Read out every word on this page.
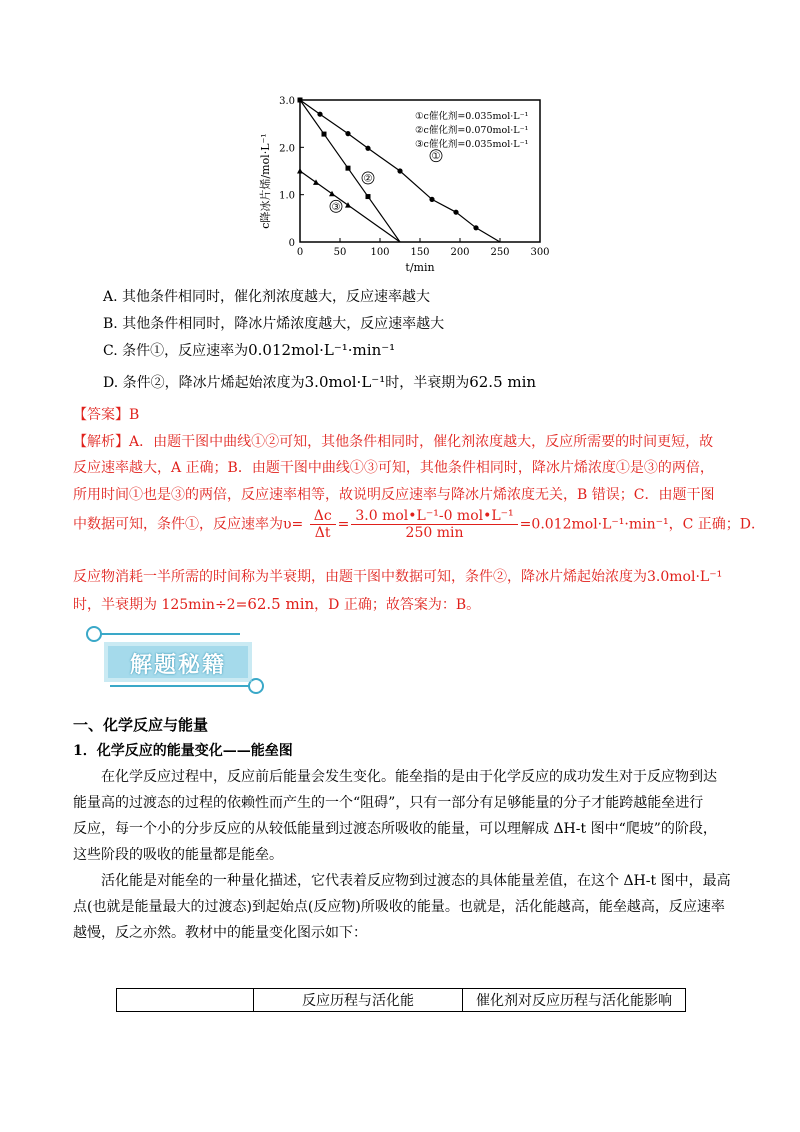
0
1.0
2.0
3.0
0	50 100 150 200 250 300
①
②
③
c降冰片烯/mol·L⁻¹
t/min
①c催化剂=0.035mol·L⁻¹
②c催化剂=0.070mol·L⁻¹
③c催化剂=0.035mol·L⁻¹
A. 其他条件相同时，催化剂浓度越大，反应速率越大
B. 其他条件相同时，降冰片烯浓度越大，反应速率越大
C. 条件①，反应速率为0.012mol·L⁻¹·min⁻¹
D. 条件②，降冰片烯起始浓度为3.0mol·L⁻¹时，半衰期为62.5 min
【答案】B
【解析】A．由题干图中曲线①②可知，其他条件相同时，催化剂浓度越大，反应所需要的时间更短，故
反应速率越大，A 正确；B．由题干图中曲线①③可知，其他条件相同时，降冰片烯浓度①是③的两倍，
所用时间①也是③的两倍，反应速率相等，故说明反应速率与降冰片烯浓度无关，B 错误；C．由题干图
中数据可知，条件①，反应速率为$\upsilon= \frac{\Delta c}{\Delta t} = \frac{\text{3.0 mol•L⁻¹-0 mol•L⁻¹}}{250 \min} =0.012mol\cdot L^{-1}\cdot\min^{-1}$，C 正确；D．
反应物消耗一半所需的时间称为半衰期，由题干图中数据可知，条件②，降冰片烯起始浓度为3.0mol·L⁻¹
时，半衰期为 125min÷2=62.5 min，D 正确；故答案为：B。
解题秘籍
一、化学反应与能量
1．化学反应的能量变化——能垒图
在化学反应过程中，反应前后能量会发生变化。能垒指的是由于化学反应的成功发生对于反应物到达
能量高的过渡态的过程的依赖性而产生的一个“阻碍”，只有一部分有足够能量的分子才能跨越能垒进行
反应，每一个小的分步反应的从较低能量到过渡态所吸收的能量，可以理解成 ΔH-t 图中“爬坡”的阶段，
这些阶段的吸收的能量都是能垒。
活化能是对能垒的一种量化描述，它代表着反应物到过渡态的具体能量差值，在这个 ΔH-t 图中，最高
点(也就是能量最大的过渡态)到起始点(反应物)所吸收的能量。也就是，活化能越高，能垒越高，反应速率
越慢，反之亦然。教材中的能量变化图示如下：
	反应历程与活化能	催化剂对反应历程与活化能影响
